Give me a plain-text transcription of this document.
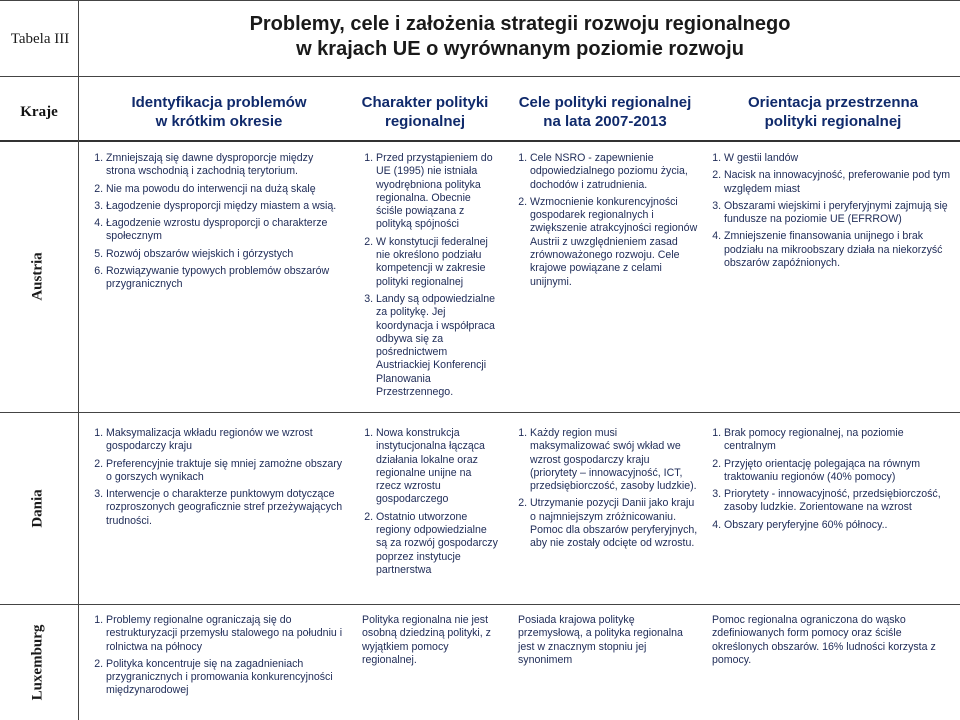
Tabela III
Problemy, cele i założenia strategii rozwoju regionalnego
w krajach UE o wyrównanym poziomie rozwoju
Kraje
Identyfikacja problemów
w krótkim okresie
Charakter polityki
regionalnej
Cele polityki regionalnej
na lata 2007-2013
Orientacja przestrzenna
polityki regionalnej
Austria
1. Zmniejszają się dawne dysproporcje między strona wschodnią i zachodnią terytorium.
2. Nie ma powodu do interwencji na dużą skalę
3. Łagodzenie dysproporcji między miastem a wsią.
4. Łagodzenie wzrostu dysproporcji o charakterze społecznym
5. Rozwój obszarów wiejskich i górzystych
6. Rozwiązywanie typowych problemów obszarów przygranicznych
1. Przed przystąpieniem do UE (1995) nie istniała wyodrębniona polityka regionalna. Obecnie ściśle powiązana z polityką spójności
2. W konstytucji federalnej nie określono podziału kompetencji w zakresie polityki regionalnej
3. Landy są odpowiedzialne za politykę. Jej koordynacja i współpraca odbywa się za pośrednictwem Austriackiej Konferencji Planowania Przestrzennego.
1. Cele NSRO - zapewnienie odpowiedzialnego poziomu życia, dochodów i zatrudnienia.
2. Wzmocnienie konkurencyjności gospodarek regionalnych i zwiększenie atrakcyjności regionów Austrii z uwzględnieniem zasad zrównoważonego rozwoju. Cele krajowe powiązane z celami unijnymi.
1. W gestii landów
2. Nacisk na innowacyjność, preferowanie pod tym względem miast
3. Obszarami wiejskimi i peryferyjnymi zajmują się fundusze na poziomie UE (EFRROW)
4. Zmniejszenie finansowania unijnego i brak podziału na mikroobszary działa na niekorzyść obszarów zapóźnionych.
Dania
1. Maksymalizacja wkładu regionów we wzrost gospodarczy kraju
2. Preferencyjnie traktuje się mniej zamożne obszary o gorszych wynikach
3. Interwencje o charakterze punktowym dotyczące rozproszonych geograficznie stref przeżywających trudności.
1. Nowa konstrukcja instytucjonalna łącząca działania lokalne oraz regionalne unijne na rzecz wzrostu gospodarczego
2. Ostatnio utworzone regiony odpowiedzialne są za rozwój gospodarczy poprzez instytucje partnerstwa
1. Każdy region musi maksymalizować swój wkład we wzrost gospodarczy kraju (priorytety – innowacyjność, ICT, przedsiębiorczość, zasoby ludzkie).
2. Utrzymanie pozycji Danii jako kraju o najmniejszym zróżnicowaniu. Pomoc dla obszarów peryferyjnych, aby nie zostały odcięte od wzrostu.
1. Brak pomocy regionalnej, na poziomie centralnym
2. Przyjęto orientację polegająca na równym traktowaniu regionów (40% pomocy)
3. Priorytety - innowacyjność, przedsiębiorczość, zasoby ludzkie. Zorientowane na wzrost
4. Obszary peryferyjne 60% północy..
Luxemburg
1. Problemy regionalne ograniczają się do restrukturyzacji przemysłu stalowego na południu i rolnictwa na północy
2. Polityka koncentruje się na zagadnieniach przygranicznych i promowania konkurencyjności międzynarodowej

Polityka regionalna nie jest osobną dziedziną polityki, z wyjątkiem pomocy regionalnej.

Posiada krajowa politykę przemysłową, a polityka regionalna jest w znacznym stopniu jej synonimem

Pomoc regionalna ograniczona do wąsko zdefiniowanych form pomocy oraz ściśle określonych obszarów. 16% ludności korzysta z pomocy.
